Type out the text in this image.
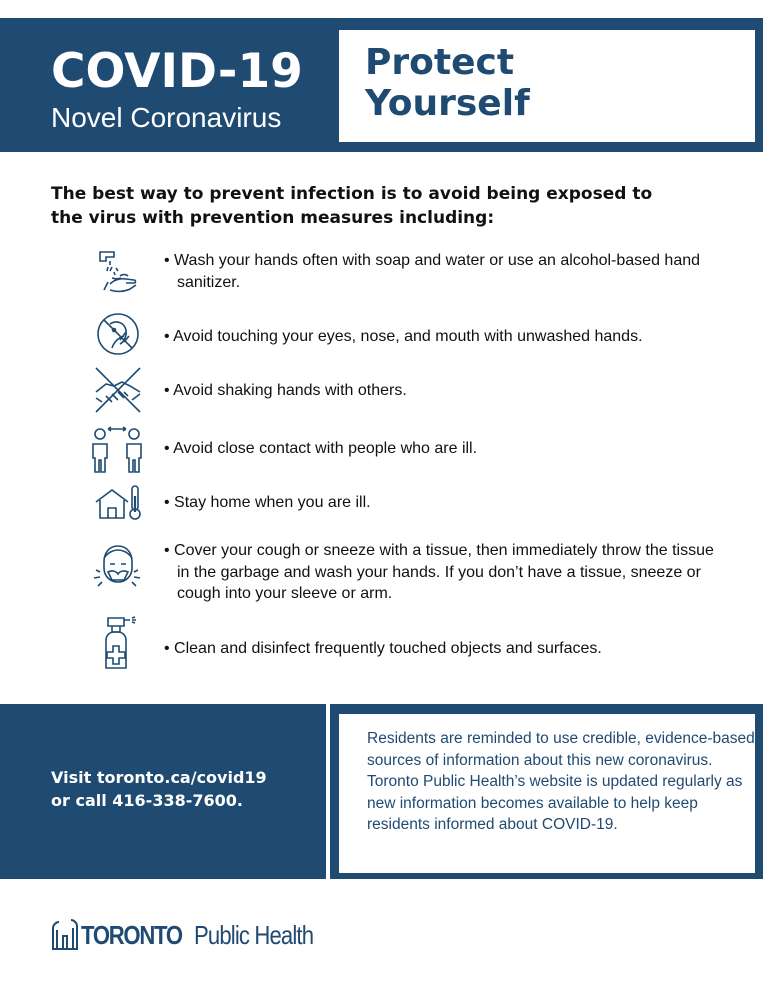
COVID-19
Novel Coronavirus
Protect
Yourself
The best way to prevent infection is to avoid being exposed to the virus with prevention measures including:
• Wash your hands often with soap and water or use an alcohol-based hand sanitizer.
• Avoid touching your eyes, nose, and mouth with unwashed hands.
• Avoid shaking hands with others.
• Avoid close contact with people who are ill.
• Stay home when you are ill.
• Cover your cough or sneeze with a tissue, then immediately throw the tissue in the garbage and wash your hands. If you don’t have a tissue, sneeze or cough into your sleeve or arm.
• Clean and disinfect frequently touched objects and surfaces.
Visit toronto.ca/covid19
or call 416-338-7600.
Residents are reminded to use credible, evidence-based sources of information about this new coronavirus. Toronto Public Health’s website is updated regularly as new information becomes available to help keep residents informed about COVID-19.
TORONTO Public Health
